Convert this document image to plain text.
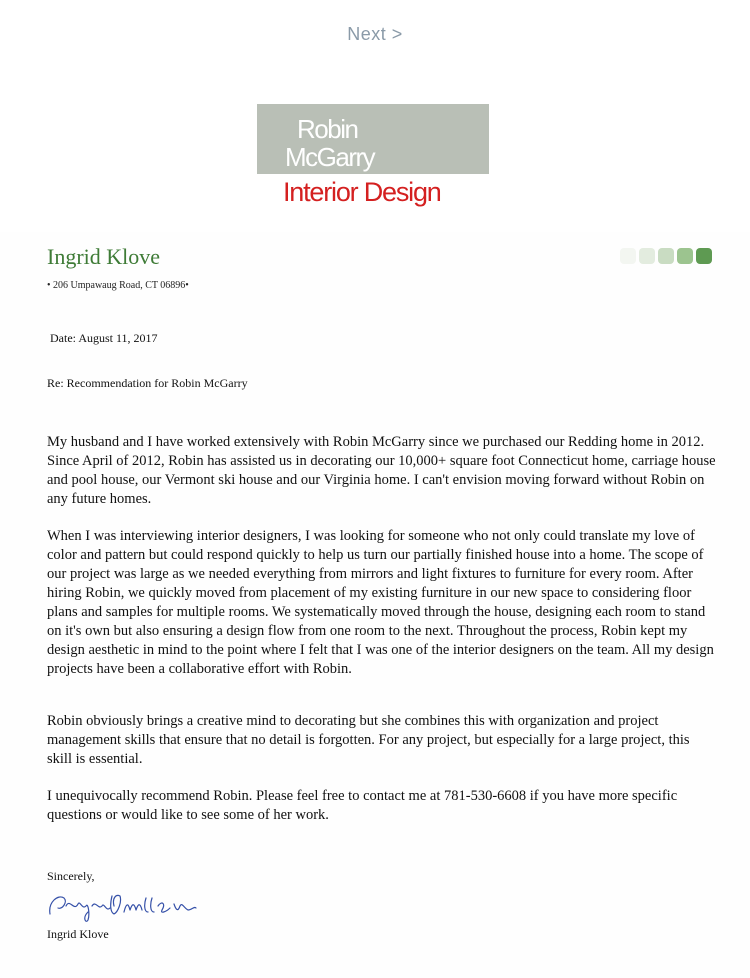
Next >
Robin
McGarry
Interior Design
Ingrid Klove
• 206 Umpawaug Road, CT 06896•
Date: August 11, 2017
Re: Recommendation for Robin McGarry
My husband and I have worked extensively with Robin McGarry since we purchased our Redding home in 2012. Since April of 2012, Robin has assisted us in decorating our 10,000+ square foot Connecticut home, carriage house and pool house, our Vermont ski house and our Virginia home. I can't envision moving forward without Robin on any future homes.
When I was interviewing interior designers, I was looking for someone who not only could translate my love of color and pattern but could respond quickly to help us turn our partially finished house into a home. The scope of our project was large as we needed everything from mirrors and light fixtures to furniture for every room. After hiring Robin, we quickly moved from placement of my existing furniture in our new space to considering floor plans and samples for multiple rooms. We systematically moved through the house, designing each room to stand on it's own but also ensuring a design flow from one room to the next. Throughout the process, Robin kept my design aesthetic in mind to the point where I felt that I was one of the interior designers on the team. All my design projects have been a collaborative effort with Robin.
Robin obviously brings a creative mind to decorating but she combines this with organization and project management skills that ensure that no detail is forgotten. For any project, but especially for a large project, this skill is essential.
I unequivocally recommend Robin. Please feel free to contact me at 781-530-6608 if you have more specific questions or would like to see some of her work.
Sincerely,
Ingrid Klove
